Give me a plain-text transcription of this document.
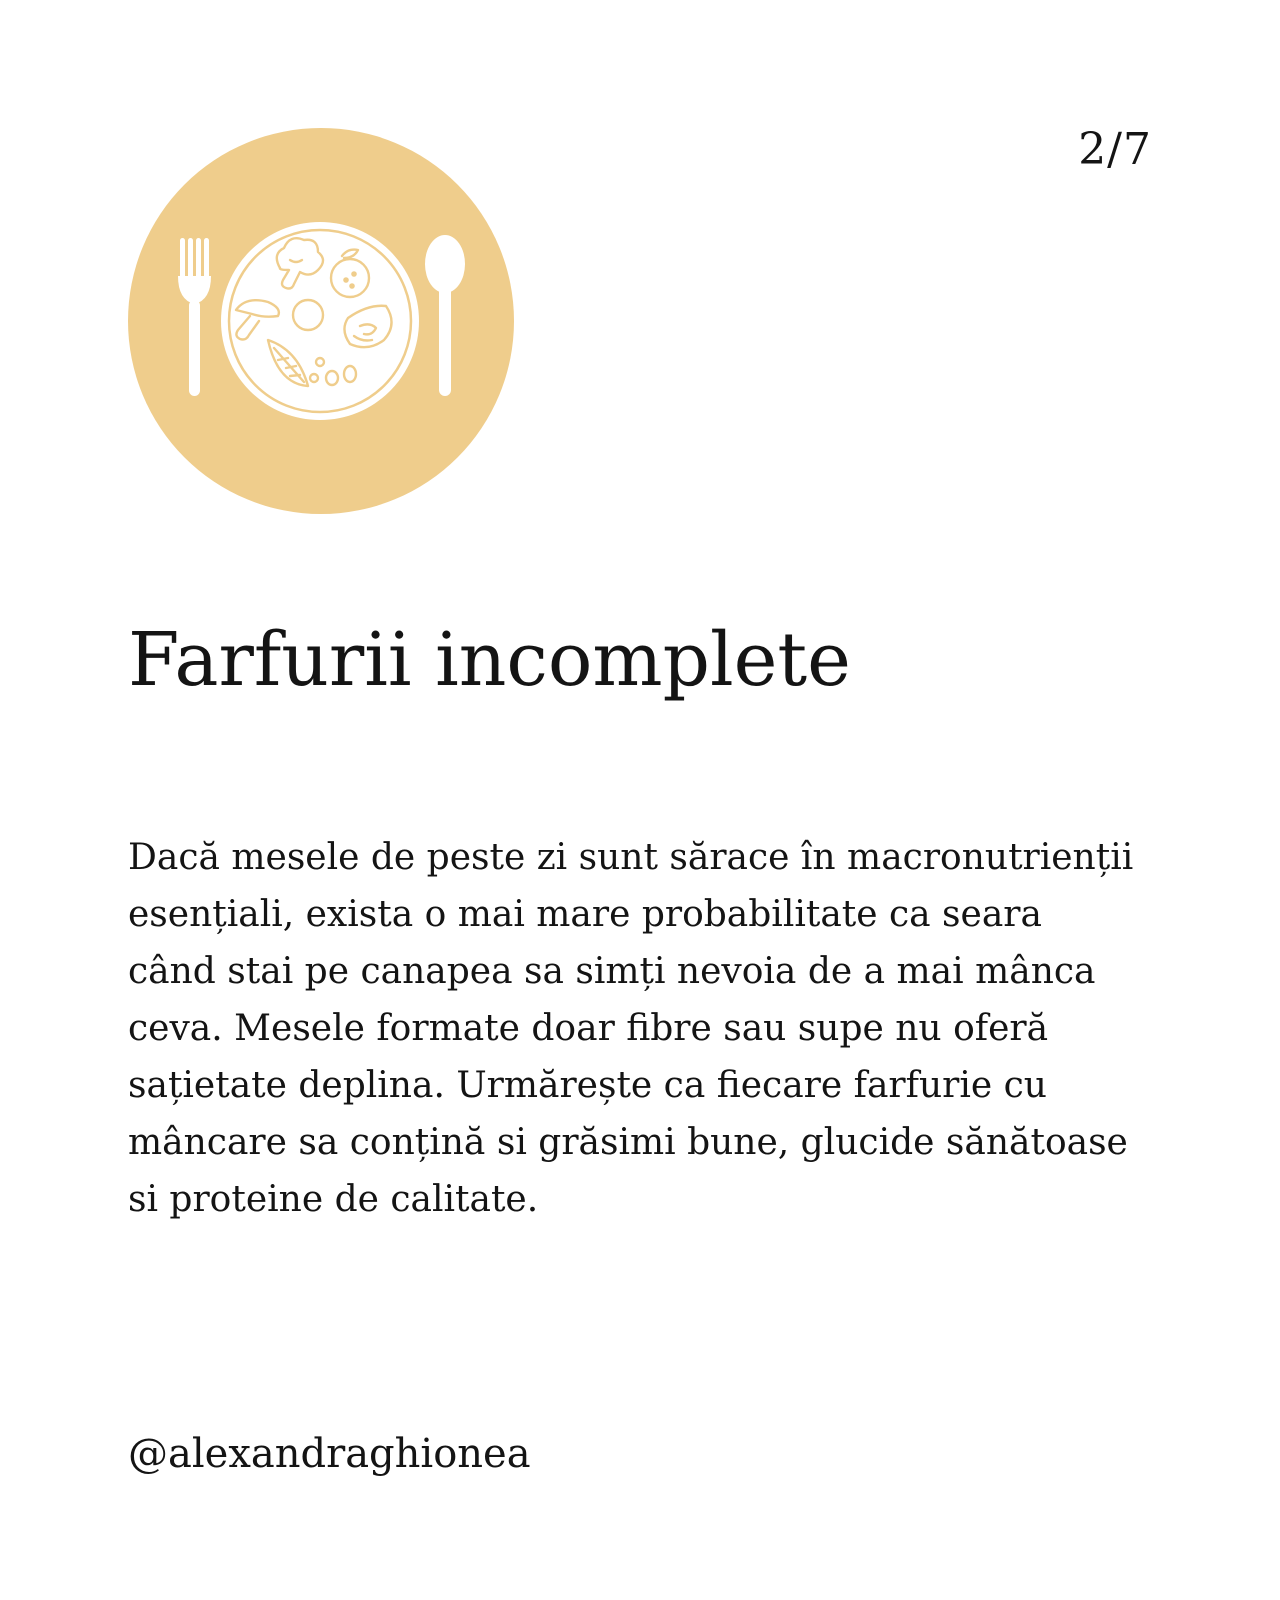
2/7
Farfurii incomplete

Dacă mesele de peste zi sunt sărace în macronutrienții esențiali, exista o mai mare probabilitate ca seara când stai pe canapea sa simți nevoia de a mai mânca ceva. Mesele formate doar fibre sau supe nu oferă sațietate deplina. Urmărește ca fiecare farfurie cu mâncare sa conțină si grăsimi bune, glucide sănătoase si proteine de calitate.

@alexandraghionea
